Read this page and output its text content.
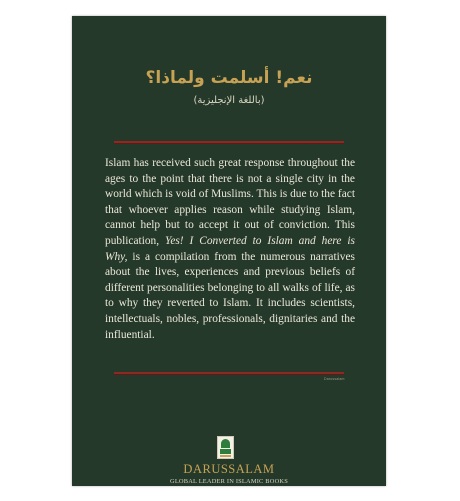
نعم! أسلمت ولماذا؟
(باللغة الإنجليزية)

Islam has received such great response throughout the ages to the point that there is not a single city in the world which is void of Muslims. This is due to the fact that whoever applies reason while studying Islam, cannot help but to accept it out of conviction. This publication, Yes! I Converted to Islam and here is Why, is a compilation from the numerous narratives about the lives, experiences and previous beliefs of different personalities belonging to all walks of life, as to why they reverted to Islam. It includes scientists, intellectuals, nobles, professionals, dignitaries and the influential.

Darussalam
DARUSSALAM
GLOBAL LEADER IN ISLAMIC BOOKS
